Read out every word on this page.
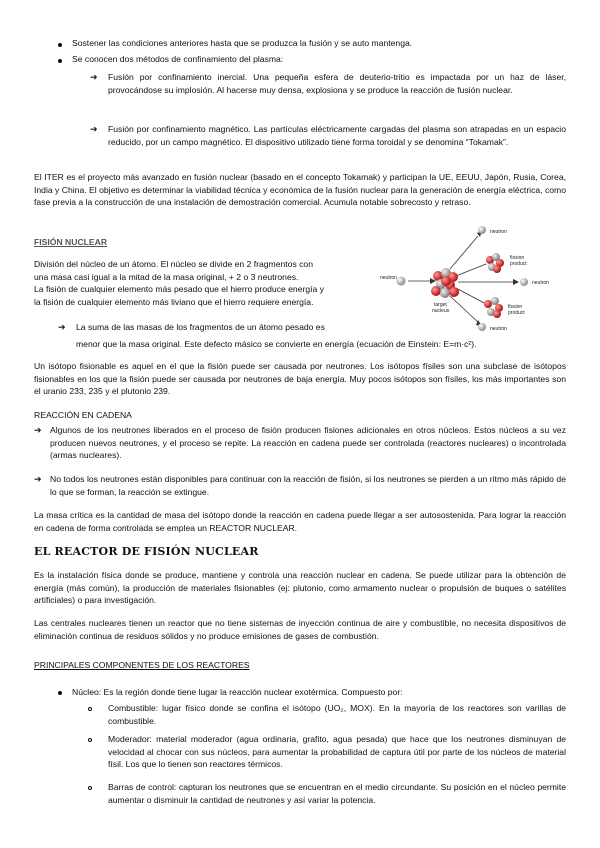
Sostener las condiciones anteriores hasta que se produzca la fusión y se auto mantenga.
Se conocen dos métodos de confinamiento del plasma:
➔ Fusión por confinamiento inercial. Una pequeña esfera de deuterio-tritio es impactada por un haz de láser, provocándose su implosión. Al hacerse muy densa, explosiona y se produce la reacción de fusión nuclear.
➔ Fusión por confinamiento magnético. Las partículas eléctricamente cargadas del plasma son atrapadas en un espacio reducido, por un campo magnético. El dispositivo utilizado tiene forma toroidal y se denomina “Tokamak”.
El ITER es el proyecto más avanzado en fusión nuclear (basado en el concepto Tokamak) y participan la UE, EEUU, Japón, Rusia, Corea, India y China. El objetivo es determinar la viabilidad técnica y económica de la fusión nuclear para la generación de energía eléctrica, como fase previa a la construcción de una instalación de demostración comercial. Acumula notable sobrecosto y retraso.
FISIÓN NUCLEAR
División del núcleo de un átomo. El núcleo se divide en 2 fragmentos con
una masa casi igual a la mitad de la masa original, + 2 o 3 neutrones.
La fisión de cualquier elemento más pesado que el hierro produce energía y
la fisión de cualquier elemento más liviano que el hierro requiere energía.
➔ La suma de las masas de los fragmentos de un átomo pesado es
menor que la masa original. Este defecto másico se convierte en energía (ecuación de Einstein: E=m·c²).
neutron
target
nucleus
neutron
fission
product
neutron
fission
product
neutron
Un isótopo fisionable es aquel en el que la fisión puede ser causada por neutrones. Los isótopos físiles son una subclase de isótopos fisionables en los que la fisión puede ser causada por neutrones de baja energía. Muy pocos isótopos son físiles, los más importantes son el uranio 233, 235 y el plutonio 239.
REACCIÓN EN CADENA
➔ Algunos de los neutrones liberados en el proceso de fisión producen fisiones adicionales en otros núcleos. Estos núcleos a su vez producen nuevos neutrones, y el proceso se repite. La reacción en cadena puede ser controlada (reactores nucleares) o incontrolada (armas nucleares).
➔ No todos los neutrones están disponibles para continuar con la reacción de fisión, si los neutrones se pierden a un ritmo más rápido de lo que se forman, la reacción se extingue.
La masa crítica es la cantidad de masa del isótopo donde la reacción en cadena puede llegar a ser autosostenida. Para lograr la reacción en cadena de forma controlada se emplea un REACTOR NUCLEAR.
EL REACTOR DE FISIÓN NUCLEAR
Es la instalación física donde se produce, mantiene y controla una reacción nuclear en cadena. Se puede utilizar para la obtención de energía (más común), la producción de materiales fisionables (ej: plutonio, como armamento nuclear o propulsión de buques o satélites artificiales) o para investigación.
Las centrales nucleares tienen un reactor que no tiene sistemas de inyección continua de aire y combustible, no necesita dispositivos de eliminación continua de residuos sólidos y no produce emisiones de gases de combustión.
PRINCIPALES COMPONENTES DE LOS REACTORES
Núcleo: Es la región donde tiene lugar la reacción nuclear exotérmica. Compuesto por:
Combustible: lugar físico donde se confina el isótopo (UO₂, MOX). En la mayoría de los reactores son varillas de combustible.
Moderador: material moderador (agua ordinaria, grafito, agua pesada) que hace que los neutrones disminuyan de velocidad al chocar con sus núcleos, para aumentar la probabilidad de captura útil por parte de los núcleos de material físil. Los que lo tienen son reactores térmicos.
Barras de control: capturan los neutrones que se encuentran en el medio circundante. Su posición en el núcleo permite aumentar o disminuir la cantidad de neutrones y así variar la potencia.
